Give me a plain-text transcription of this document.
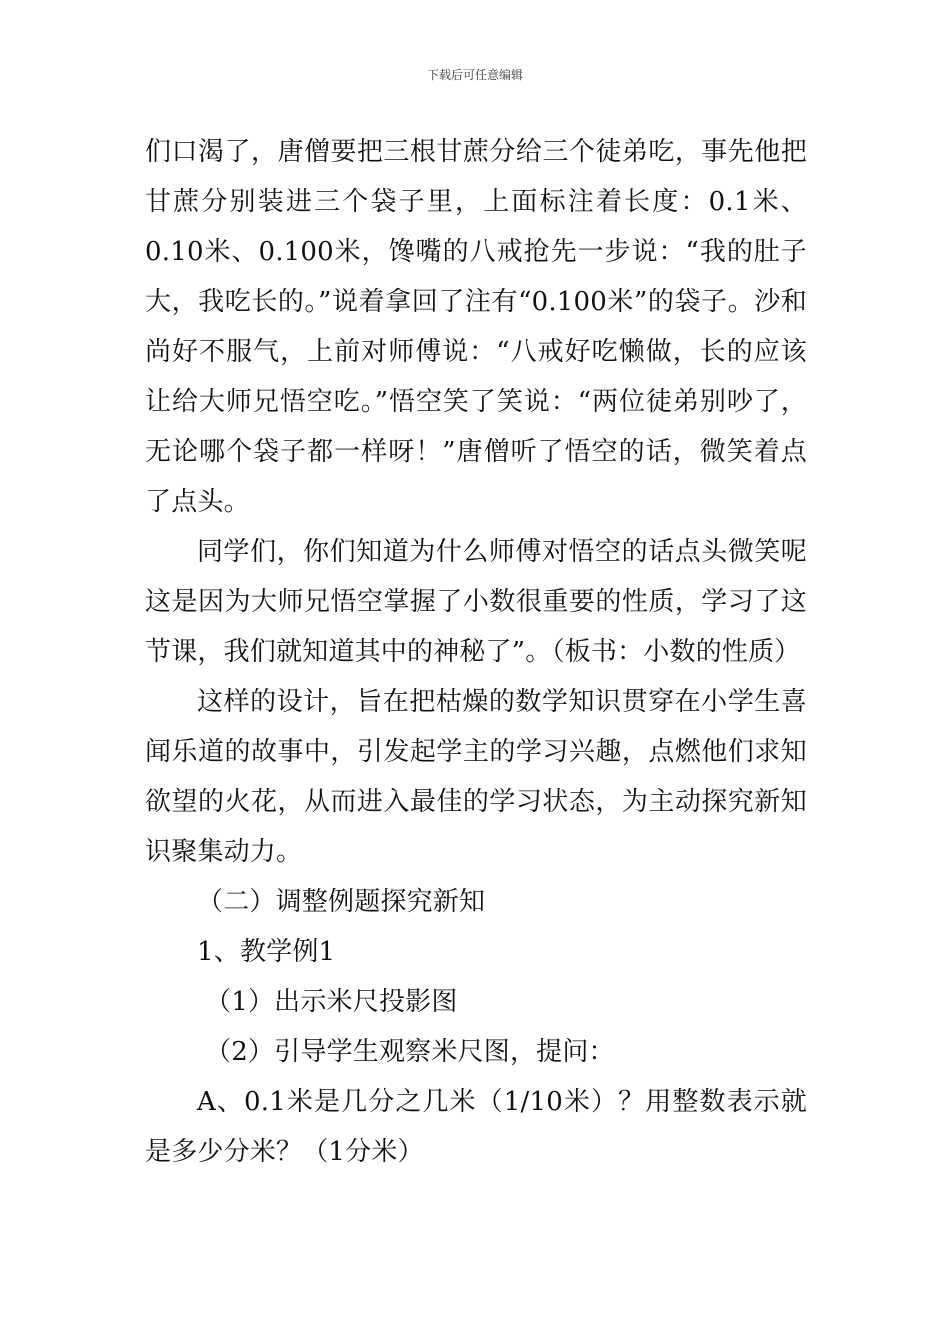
下载后可任意编辑

们口渴了，唐僧要把三根甘蔗分给三个徒弟吃，事先他把甘蔗分别装进三个袋子里，上面标注着长度：0.1米、0.10米、0.100米，馋嘴的八戒抢先一步说：“我的肚子大，我吃长的。”说着拿回了注有“0.100米”的袋子。沙和尚好不服气，上前对师傅说：“八戒好吃懒做，长的应该让给大师兄悟空吃。”悟空笑了笑说：“两位徒弟别吵了，无论哪个袋子都一样呀！”唐僧听了悟空的话，微笑着点了点头。

同学们，你们知道为什么师傅对悟空的话点头微笑呢这是因为大师兄悟空掌握了小数很重要的性质，学习了这节课，我们就知道其中的神秘了”。（板书：小数的性质）

这样的设计，旨在把枯燥的数学知识贯穿在小学生喜闻乐道的故事中，引发起学主的学习兴趣，点燃他们求知欲望的火花，从而进入最佳的学习状态，为主动探究新知识聚集动力。

（二）调整例题探究新知

1、教学例1

（1）出示米尺投影图

（2）引导学生观察米尺图，提问：

A、0.1米是几分之几米（1/10米）？用整数表示就是多少分米？（1分米）
